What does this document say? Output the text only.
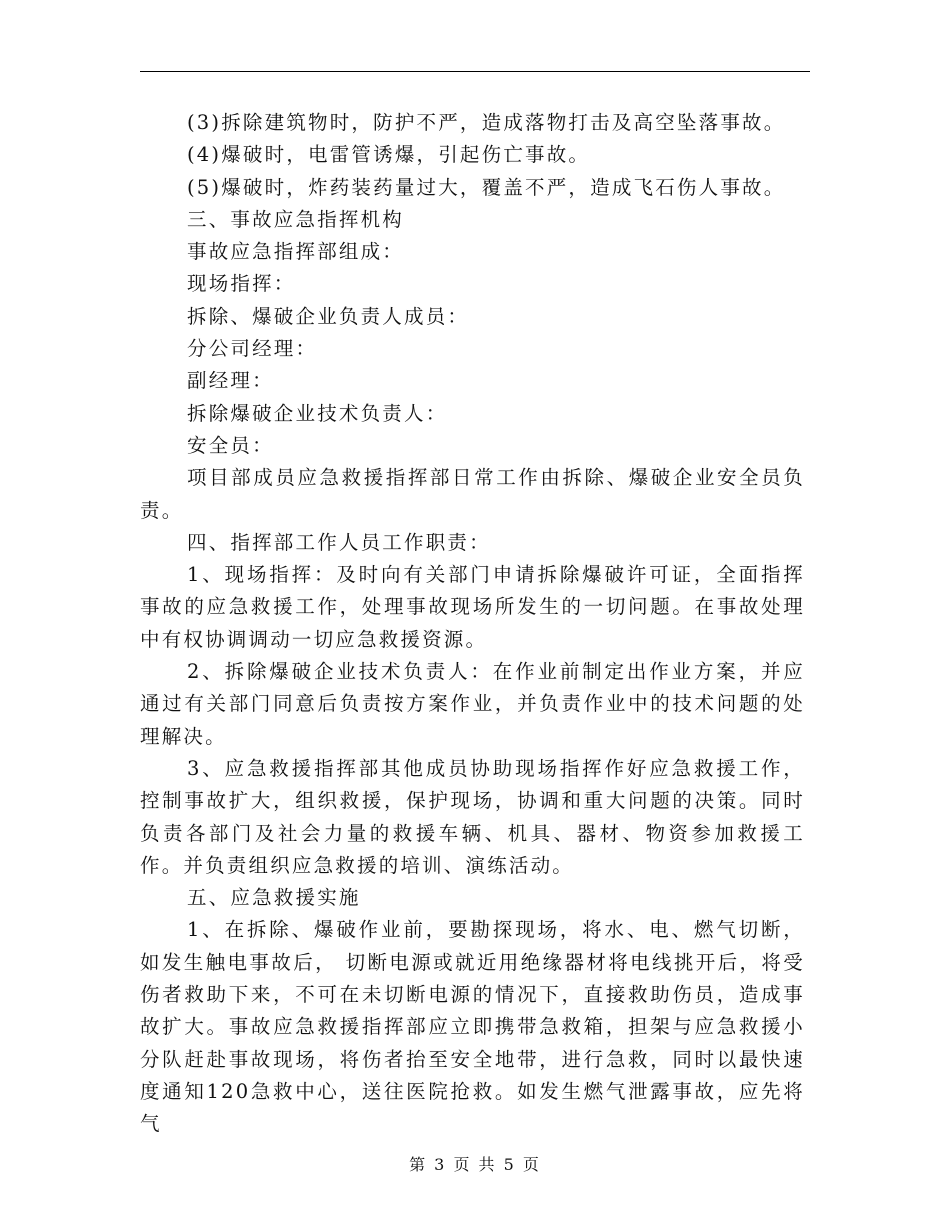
(3)拆除建筑物时，防护不严，造成落物打击及高空坠落事故。
(4)爆破时，电雷管诱爆，引起伤亡事故。
(5)爆破时，炸药装药量过大，覆盖不严，造成飞石伤人事故。
三、事故应急指挥机构
事故应急指挥部组成：
现场指挥：
拆除、爆破企业负责人成员：
分公司经理：
副经理：
拆除爆破企业技术负责人：
安全员：
项目部成员应急救援指挥部日常工作由拆除、爆破企业安全员负责。
四、指挥部工作人员工作职责：
1、现场指挥：及时向有关部门申请拆除爆破许可证，全面指挥事故的应急救援工作，处理事故现场所发生的一切问题。在事故处理中有权协调调动一切应急救援资源。
2、拆除爆破企业技术负责人：在作业前制定出作业方案，并应通过有关部门同意后负责按方案作业，并负责作业中的技术问题的处理解决。
3、应急救援指挥部其他成员协助现场指挥作好应急救援工作，控制事故扩大，组织救援，保护现场，协调和重大问题的决策。同时负责各部门及社会力量的救援车辆、机具、器材、物资参加救援工作。并负责组织应急救援的培训、演练活动。
五、应急救援实施
1、在拆除、爆破作业前，要勘探现场，将水、电、燃气切断，如发生触电事故后， 切断电源或就近用绝缘器材将电线挑开后，将受伤者救助下来，不可在未切断电源的情况下，直接救助伤员，造成事故扩大。事故应急救援指挥部应立即携带急救箱，担架与应急救援小分队赶赴事故现场，将伤者抬至安全地带，进行急救，同时以最快速度通知120急救中心，送往医院抢救。如发生燃气泄露事故，应先将气
第 3 页 共 5 页
